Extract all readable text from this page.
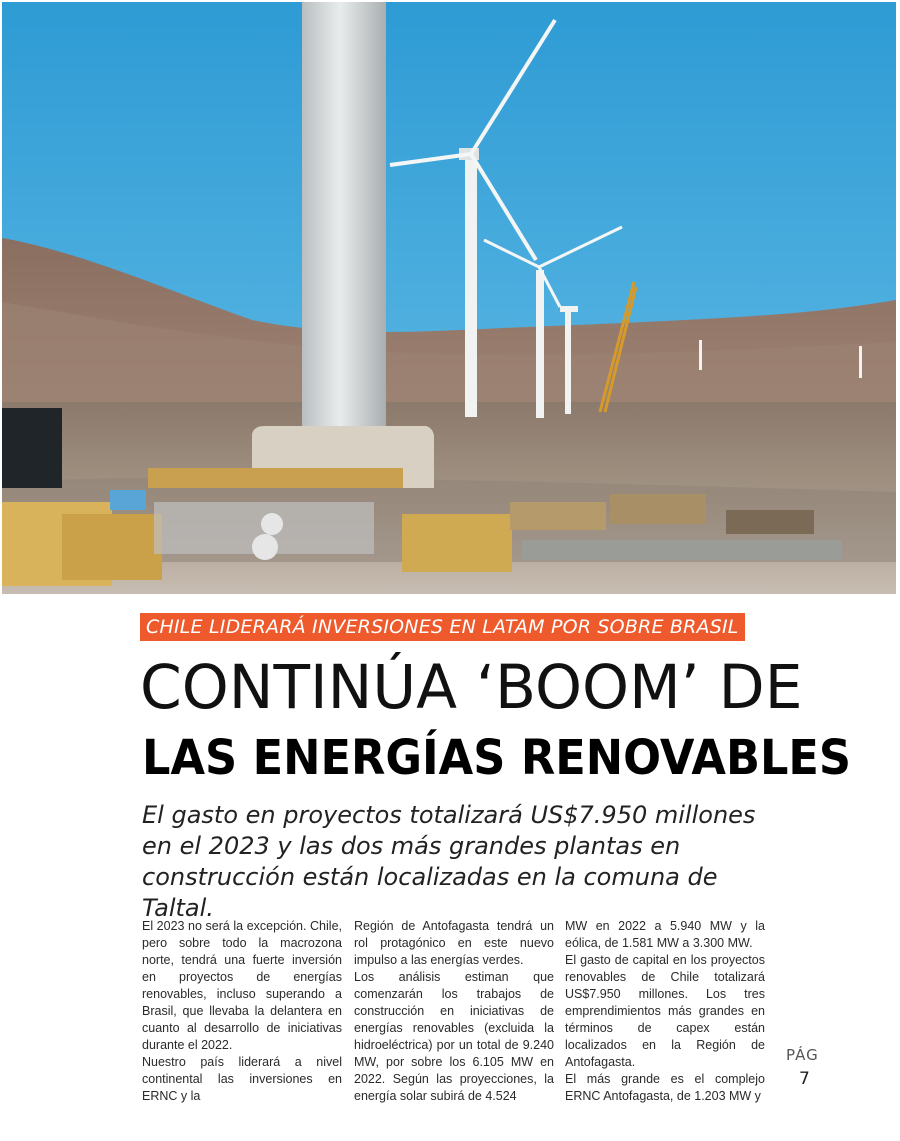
CHILE LIDERARÁ INVERSIONES EN LATAM POR SOBRE BRASIL
CONTINÚA ‘BOOM’ DE
LAS ENERGÍAS RENOVABLES
El gasto en proyectos totalizará US$7.950 millones en el 2023 y las dos más grandes plantas en construcción están localizadas en la comuna de Taltal.

El 2023 no será la excepción. Chile, pero sobre todo la macrozona norte, tendrá una fuerte inversión en proyectos de energías renovables, incluso superando a Brasil, que llevaba la delantera en cuanto al desarrollo de iniciativas durante el 2022.

Nuestro país liderará a nivel continental las inversiones en ERNC y la

Región de Antofagasta tendrá un rol protagónico en este nuevo impulso a las energías verdes.

Los análisis estiman que comenzarán los trabajos de construcción en iniciativas de energías renovables (excluida la hidroeléctrica) por un total de 9.240 MW, por sobre los 6.105 MW en 2022. Según las proyecciones, la energía solar subirá de 4.524

MW en 2022 a 5.940 MW y la eólica, de 1.581 MW a 3.300 MW.

El gasto de capital en los proyectos renovables de Chile totalizará US$7.950 millones. Los tres emprendimientos más grandes en términos de capex están localizados en la Región de Antofagasta.

El más grande es el complejo ERNC Antofagasta, de 1.203 MW y

PÁG
7
